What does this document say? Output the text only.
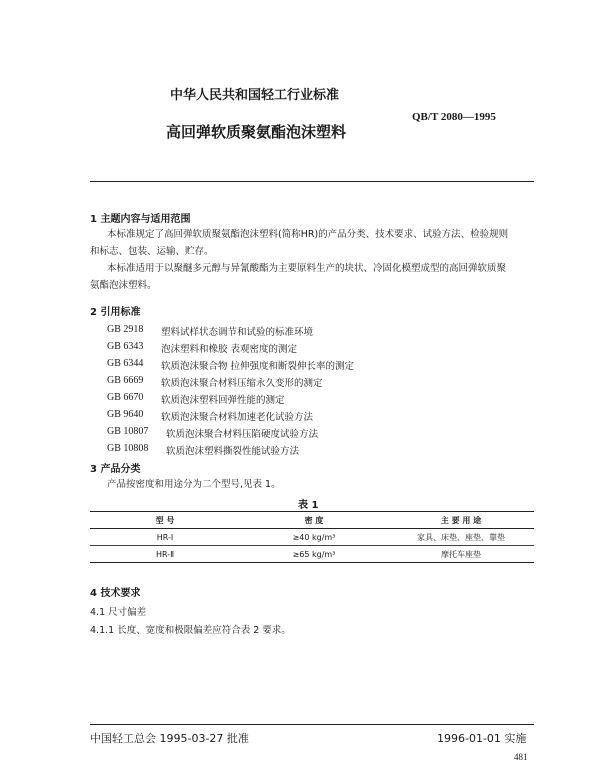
中华人民共和国轻工行业标准
QB/T 2080—1995
高回弹软质聚氨酯泡沫塑料
1 主题内容与适用范围
本标准规定了高回弹软质聚氨酯泡沫塑料(简称HR)的产品分类、技术要求、试验方法、检验规则
和标志、包装、运输、贮存。
本标准适用于以聚醚多元醇与异氰酸酯为主要原料生产的块状、冷固化模塑成型的高回弹软质聚
氨酯泡沫塑料。
2 引用标准
GB 2918 塑料试样状态调节和试验的标准环境
GB 6343 泡沫塑料和橡胶 表观密度的测定
GB 6344 软质泡沫聚合物 拉伸强度和断裂伸长率的测定
GB 6669 软质泡沫聚合材料压缩永久变形的测定
GB 6670 软质泡沫塑料回弹性能的测定
GB 9640 软质泡沫聚合材料加速老化试验方法
GB 10807 软质泡沫聚合材料压陷硬度试验方法
GB 10808 软质泡沫塑料撕裂性能试验方法
3 产品分类
产品按密度和用途分为二个型号,见表 1。
表 1
型 号	密 度	主 要 用 途
HR-Ⅰ	≥40 kg/m³	家具、床垫、座垫、靠垫
HR-Ⅱ	≥65 kg/m³	摩托车座垫
4 技术要求
4.1 尺寸偏差
4.1.1 长度、宽度和极限偏差应符合表 2 要求。
中国轻工总会 1995-03-27 批准	1996-01-01 实施
481
